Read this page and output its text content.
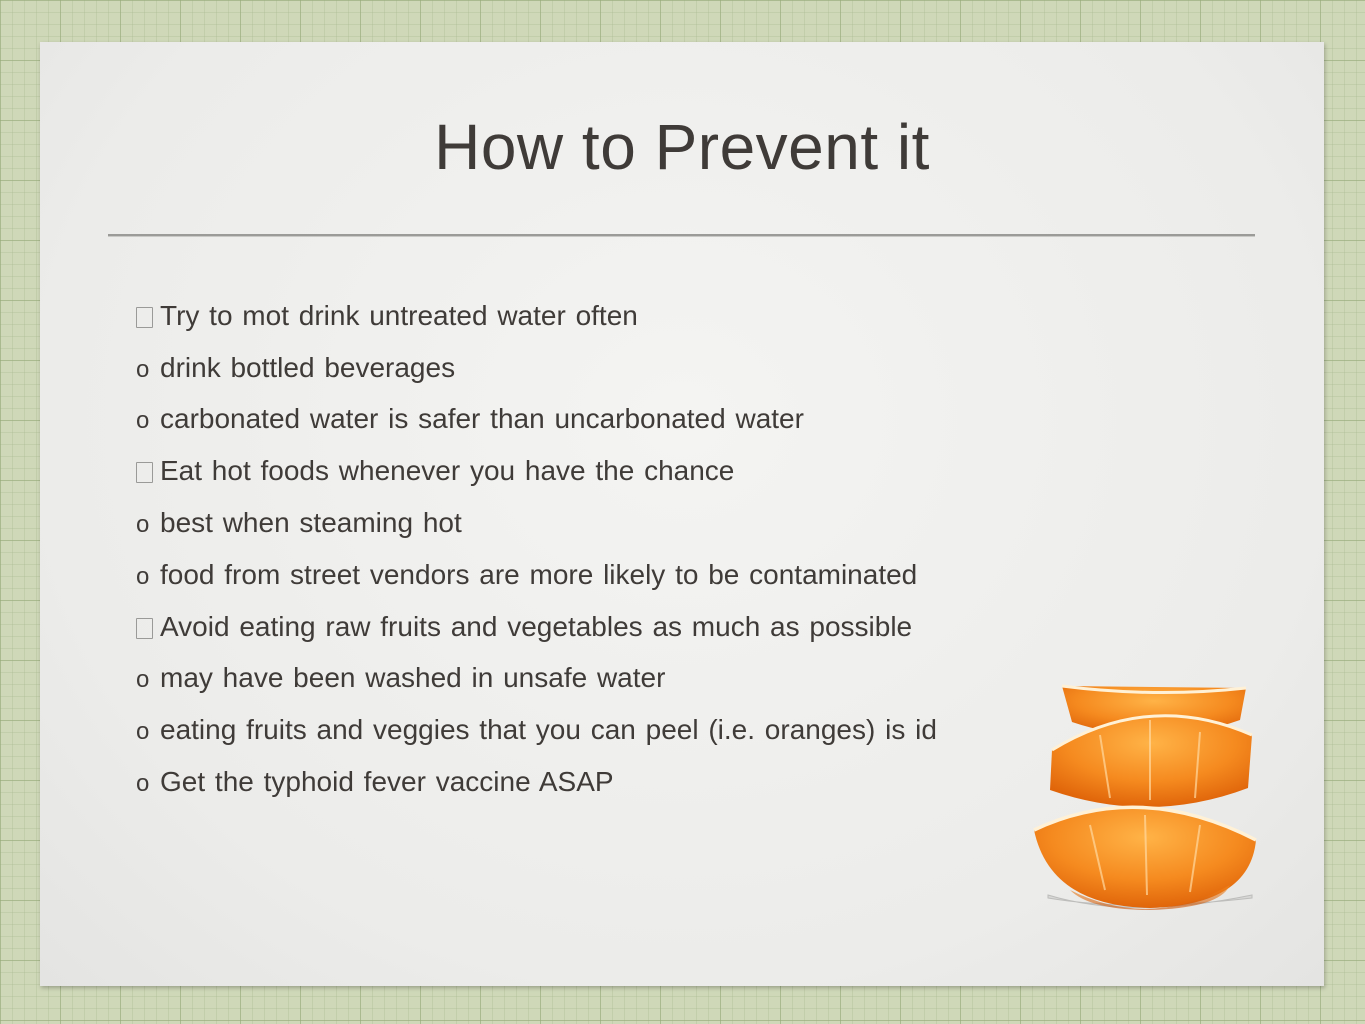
How to Prevent it
Try to mot drink untreated water often
o drink bottled beverages
o carbonated water is safer than uncarbonated water
Eat hot foods whenever you have the chance
o best when steaming hot
o food from street vendors are more likely to be contaminated
Avoid eating raw fruits and vegetables as much as possible
o may have been washed in unsafe water
o eating fruits and veggies that you can peel (i.e. oranges) is id
o Get the typhoid fever vaccine ASAP
